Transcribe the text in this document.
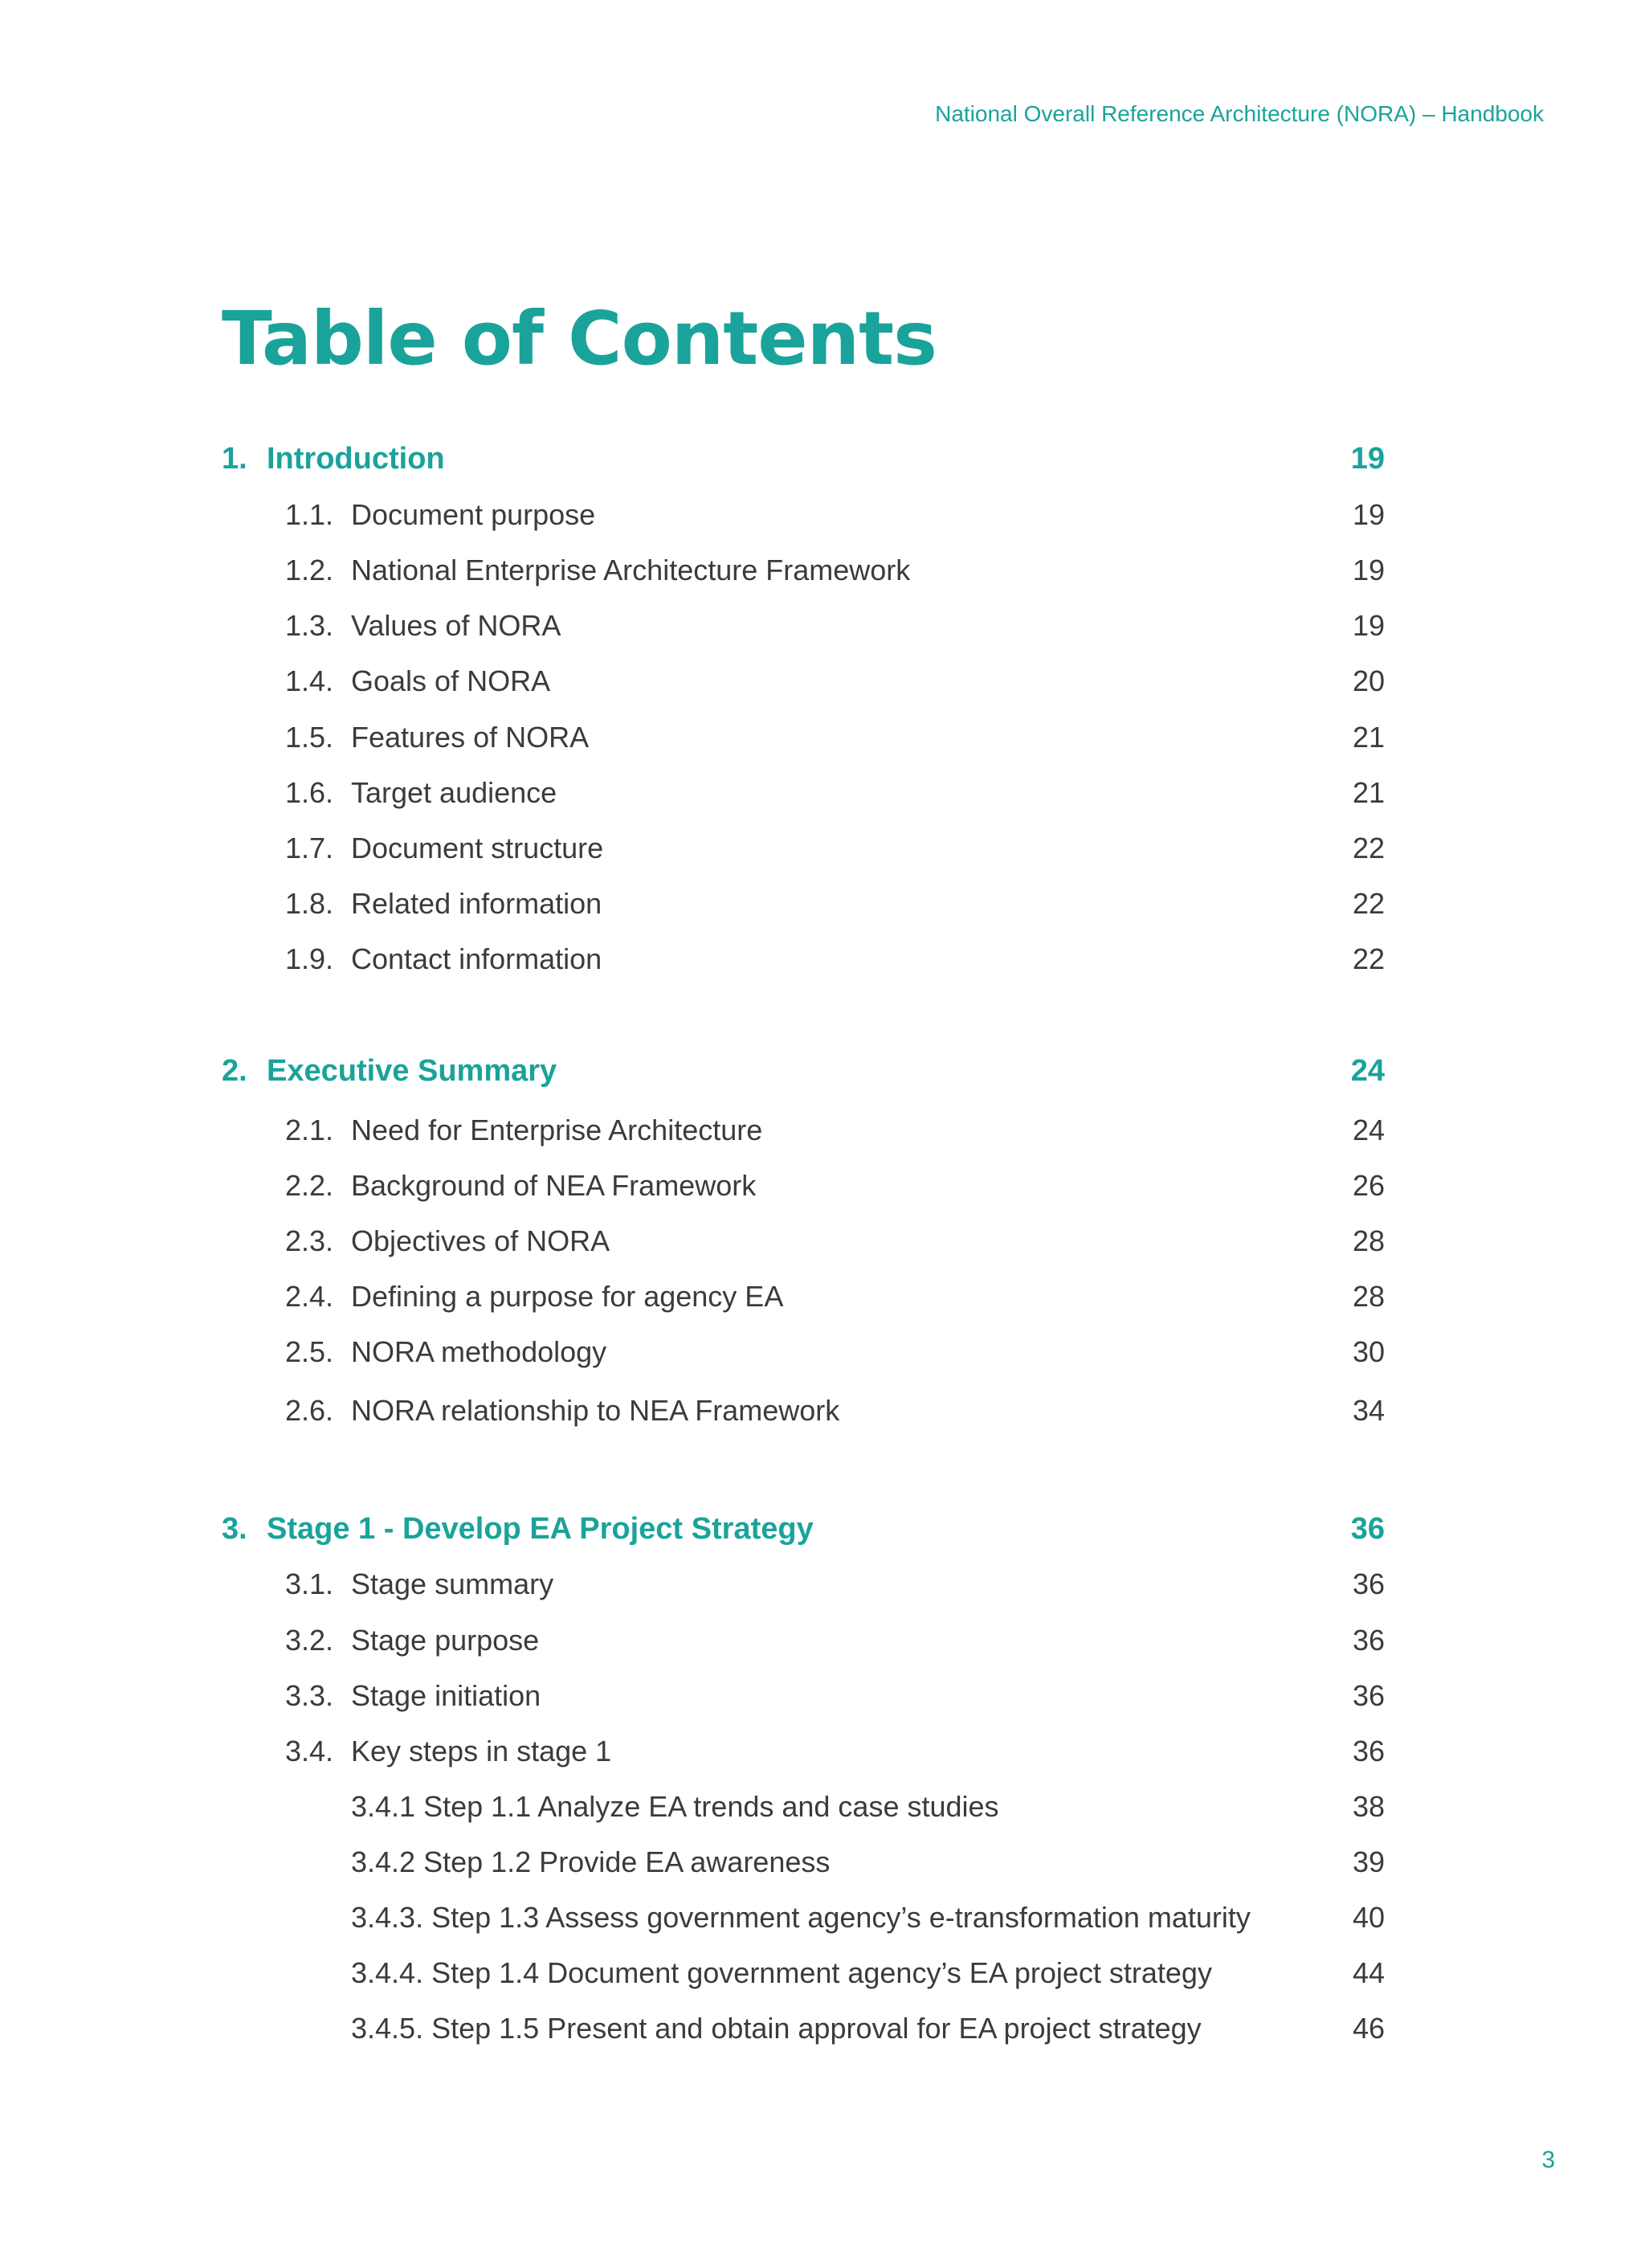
National Overall Reference Architecture (NORA) – Handbook
Table of Contents
1. Introduction	19
1.1. Document purpose	19
1.2. National Enterprise Architecture Framework	19
1.3. Values of NORA	19
1.4. Goals of NORA	20
1.5. Features of NORA	21
1.6. Target audience	21
1.7. Document structure	22
1.8. Related information	22
1.9. Contact information	22
2. Executive Summary	24
2.1. Need for Enterprise Architecture	24
2.2. Background of NEA Framework	26
2.3. Objectives of NORA	28
2.4. Defining a purpose for agency EA	28
2.5. NORA methodology	30
2.6. NORA relationship to NEA Framework	34
3. Stage 1 - Develop EA Project Strategy	36
3.1. Stage summary	36
3.2. Stage purpose	36
3.3. Stage initiation	36
3.4. Key steps in stage 1	36
3.4.1 Step 1.1 Analyze EA trends and case studies	38
3.4.2 Step 1.2 Provide EA awareness	39
3.4.3. Step 1.3 Assess government agency’s e-transformation maturity	40
3.4.4. Step 1.4 Document government agency’s EA project strategy	44
3.4.5. Step 1.5 Present and obtain approval for EA project strategy	46
3
